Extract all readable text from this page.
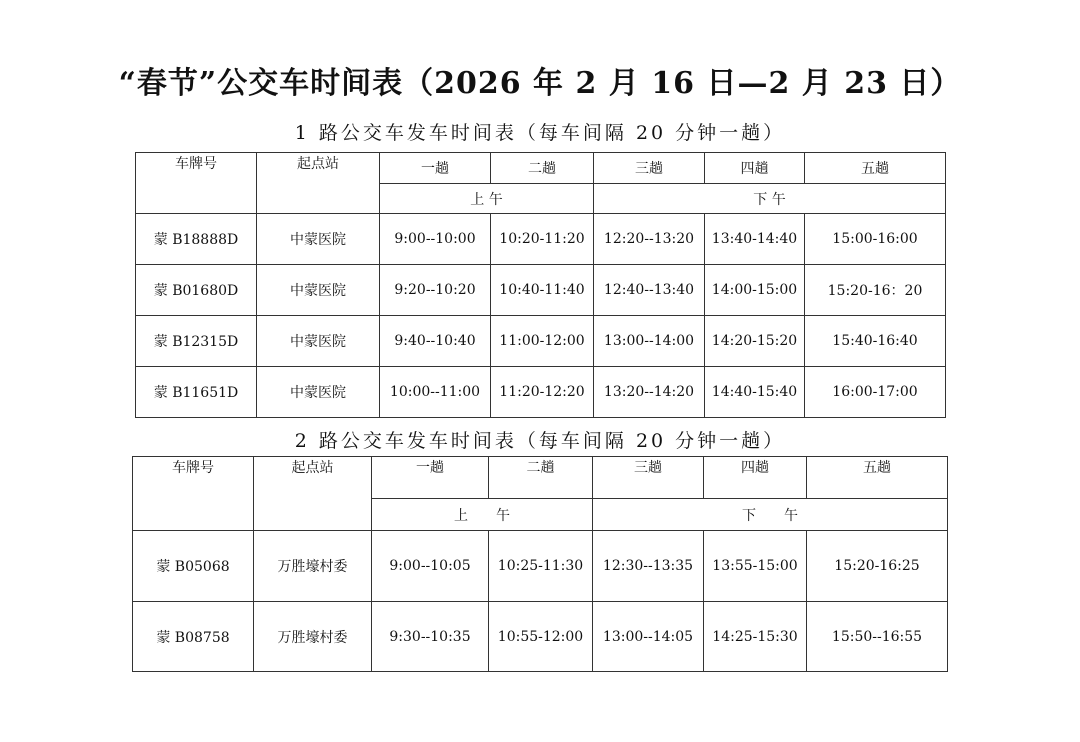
“春节”公交车时间表（2026 年 2 月 16 日—2 月 23 日）
1 路公交车发车时间表（每车间隔 20 分钟一趟）
车牌号	起点站	一趟	二趟	三趟	四趟	五趟
		上 午		下 午		
蒙 B18888D	中蒙医院	9:00--10:00	10:20-11:20	12:20--13:20	13:40-14:40	15:00-16:00
蒙 B01680D	中蒙医院	9:20--10:20	10:40-11:40	12:40--13:40	14:00-15:00	15:20-16：20
蒙 B12315D	中蒙医院	9:40--10:40	11:00-12:00	13:00--14:00	14:20-15:20	15:40-16:40
蒙 B11651D	中蒙医院	10:00--11:00	11:20-12:20	13:20--14:20	14:40-15:40	16:00-17:00
2 路公交车发车时间表（每车间隔 20 分钟一趟）
车牌号	起点站	一趟	二趟	三趟	四趟	五趟
		上　　午		下　　午		
蒙 B05068	万胜壕村委	9:00--10:05	10:25-11:30	12:30--13:35	13:55-15:00	15:20-16:25
蒙 B08758	万胜壕村委	9:30--10:35	10:55-12:00	13:00--14:05	14:25-15:30	15:50--16:55
